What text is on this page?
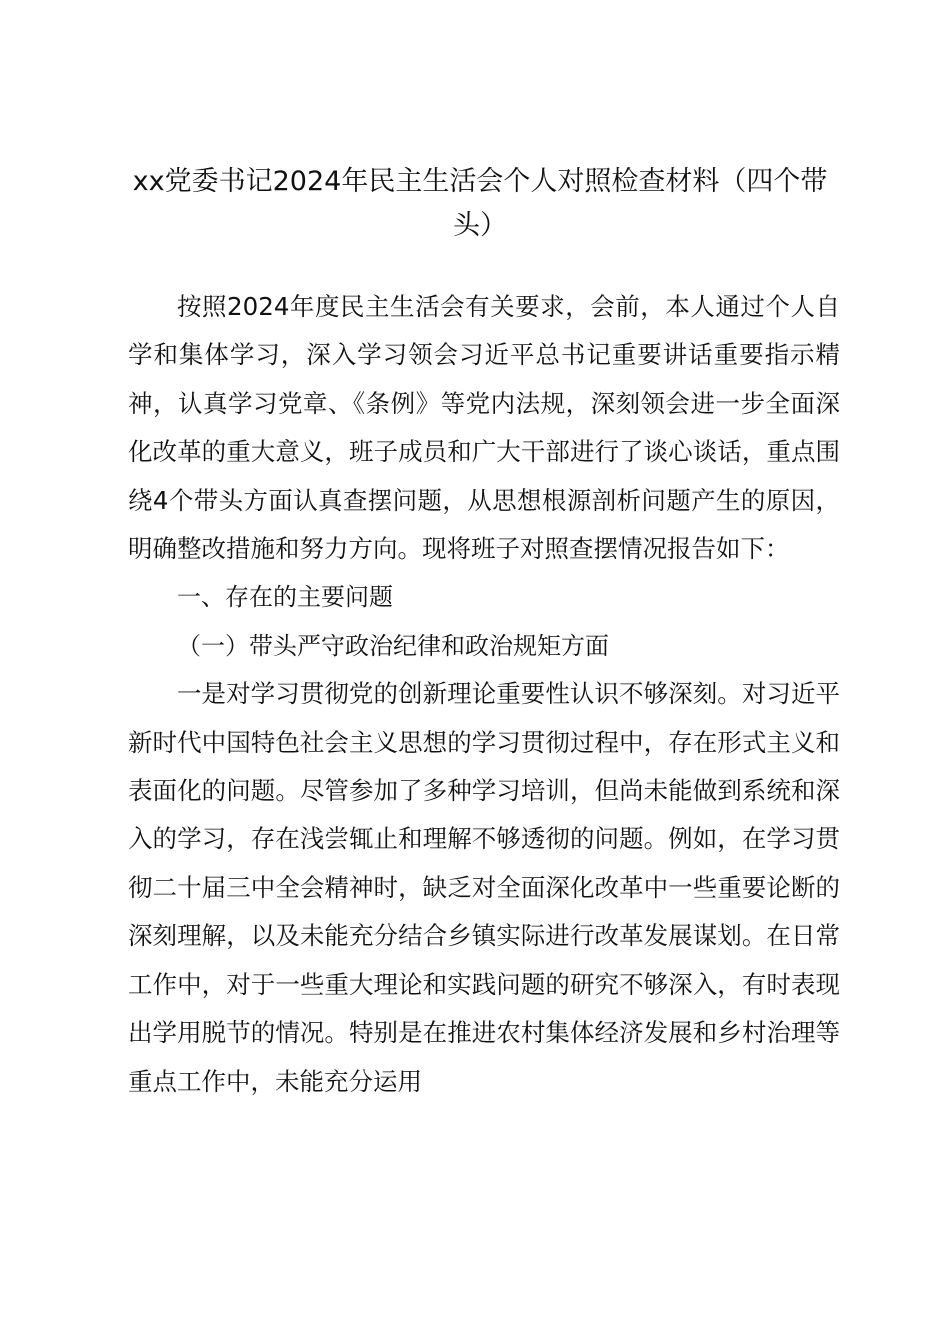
xx党委书记2024年民主生活会个人对照检查材料（四个带头）

按照2024年度民主生活会有关要求，会前，本人通过个人自学和集体学习，深入学习领会习近平总书记重要讲话重要指示精神，认真学习党章、《条例》等党内法规，深刻领会进一步全面深化改革的重大意义，班子成员和广大干部进行了谈心谈话，重点围绕4个带头方面认真查摆问题，从思想根源剖析问题产生的原因，明确整改措施和努力方向。现将班子对照查摆情况报告如下：

一、存在的主要问题

（一）带头严守政治纪律和政治规矩方面

一是对学习贯彻党的创新理论重要性认识不够深刻。对习近平新时代中国特色社会主义思想的学习贯彻过程中，存在形式主义和表面化的问题。尽管参加了多种学习培训，但尚未能做到系统和深入的学习，存在浅尝辄止和理解不够透彻的问题。例如，在学习贯彻二十届三中全会精神时，缺乏对全面深化改革中一些重要论断的深刻理解，以及未能充分结合乡镇实际进行改革发展谋划。在日常工作中，对于一些重大理论和实践问题的研究不够深入，有时表现出学用脱节的情况。特别是在推进农村集体经济发展和乡村治理等重点工作中，未能充分运用
